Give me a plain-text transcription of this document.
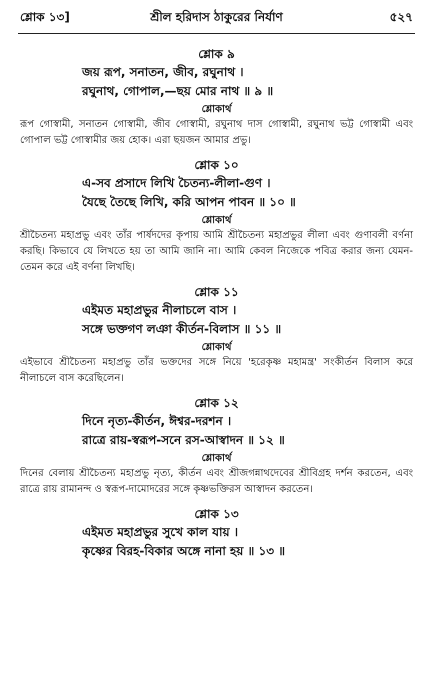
শ্লোক ১৩]	শ্রীল হরিদাস ঠাকুরের নির্যাণ	৫২৭
শ্লোক ৯
জয় রূপ, সনাতন, জীব, রঘুনাথ ।
রঘুনাথ, গোপাল,—ছয় মোর নাথ ॥ ৯ ॥
শ্লোকার্থ
রূপ গোস্বামী, সনাতন গোস্বামী, জীব গোস্বামী, রঘুনাথ দাস গোস্বামী, রঘুনাথ ভট্ট গোস্বামী এবং গোপাল ভট্ট গোস্বামীর জয় হোক। এরা ছয়জন আমার প্রভু।
শ্লোক ১০
এ-সব প্রসাদে লিখি চৈতন্য-লীলা-গুণ ।
যৈছে তৈছে লিখি, করি আপন পাবন ॥ ১০ ॥
শ্লোকার্থ
শ্রীচৈতন্য মহাপ্রভু এবং তাঁর পার্ষদদের কৃপায় আমি শ্রীচৈতন্য মহাপ্রভুর লীলা এবং গুণাবলী বর্ণনা করছি। কিভাবে যে লিখতে হয় তা আমি জানি না। আমি কেবল নিজেকে পবিত্র করার জন্য যেমন-তেমন করে এই বর্ণনা লিখছি।
শ্লোক ১১
এইমত মহাপ্রভুর নীলাচলে বাস ।
সঙ্গে ভক্তগণ লঞা কীর্তন-বিলাস ॥ ১১ ॥
শ্লোকার্থ
এইভাবে শ্রীচৈতন্য মহাপ্রভু তাঁর ভক্তদের সঙ্গে নিয়ে 'হরেকৃষ্ণ মহামন্ত্র' সংকীর্তন বিলাস করে নীলাচলে বাস করেছিলেন।
শ্লোক ১২
দিনে নৃত্য-কীর্তন, ঈশ্বর-দরশন ।
রাত্রে রায়-স্বরূপ-সনে রস-আস্বাদন ॥ ১২ ॥
শ্লোকার্থ
দিনের বেলায় শ্রীচৈতন্য মহাপ্রভু নৃত্য, কীর্তন এবং শ্রীজগন্নাথদেবের শ্রীবিগ্রহ দর্শন করতেন, এবং রাত্রে রায় রামানন্দ ও স্বরূপ-দামোদরের সঙ্গে কৃষ্ণভক্তিরস আস্বাদন করতেন।
শ্লোক ১৩
এইমত মহাপ্রভুর সুখে কাল যায় ।
কৃষ্ণের বিরহ-বিকার অঙ্গে নানা হয় ॥ ১৩ ॥
